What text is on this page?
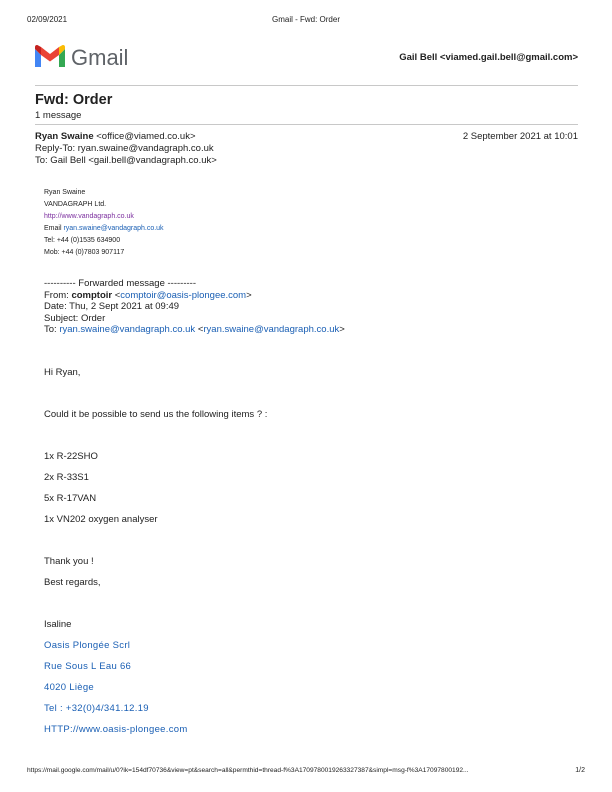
02/09/2021	Gmail - Fwd: Order
Gmail	Gail Bell <viamed.gail.bell@gmail.com>
Fwd: Order
1 message
Ryan Swaine <office@viamed.co.uk>	2 September 2021 at 10:01
Reply-To: ryan.swaine@vandagraph.co.uk
To: Gail Bell <gail.bell@vandagraph.co.uk>
Ryan Swaine
VANDAGRAPH Ltd.
http://www.vandagraph.co.uk
Email ryan.swaine@vandagraph.co.uk
Tel: +44 (0)1535 634900
Mob: +44 (0)7803 907117
---------- Forwarded message ---------
From: comptoir <comptoir@oasis-plongee.com>
Date: Thu, 2 Sept 2021 at 09:49
Subject: Order
To: ryan.swaine@vandagraph.co.uk <ryan.swaine@vandagraph.co.uk>
Hi Ryan,
Could it be possible to send us the following items ? :
1x R-22SHO
2x R-33S1
5x R-17VAN
1x VN202 oxygen analyser
Thank you !
Best regards,
Isaline
Oasis Plongée Scrl
Rue Sous L Eau 66
4020 Liège
Tel : +32(0)4/341.12.19
HTTP://www.oasis-plongee.com
https://mail.google.com/mail/u/0?ik=154df70736&view=pt&search=all&permthid=thread-f%3A1709780019263327387&simpl=msg-f%3A17097800192...	1/2
